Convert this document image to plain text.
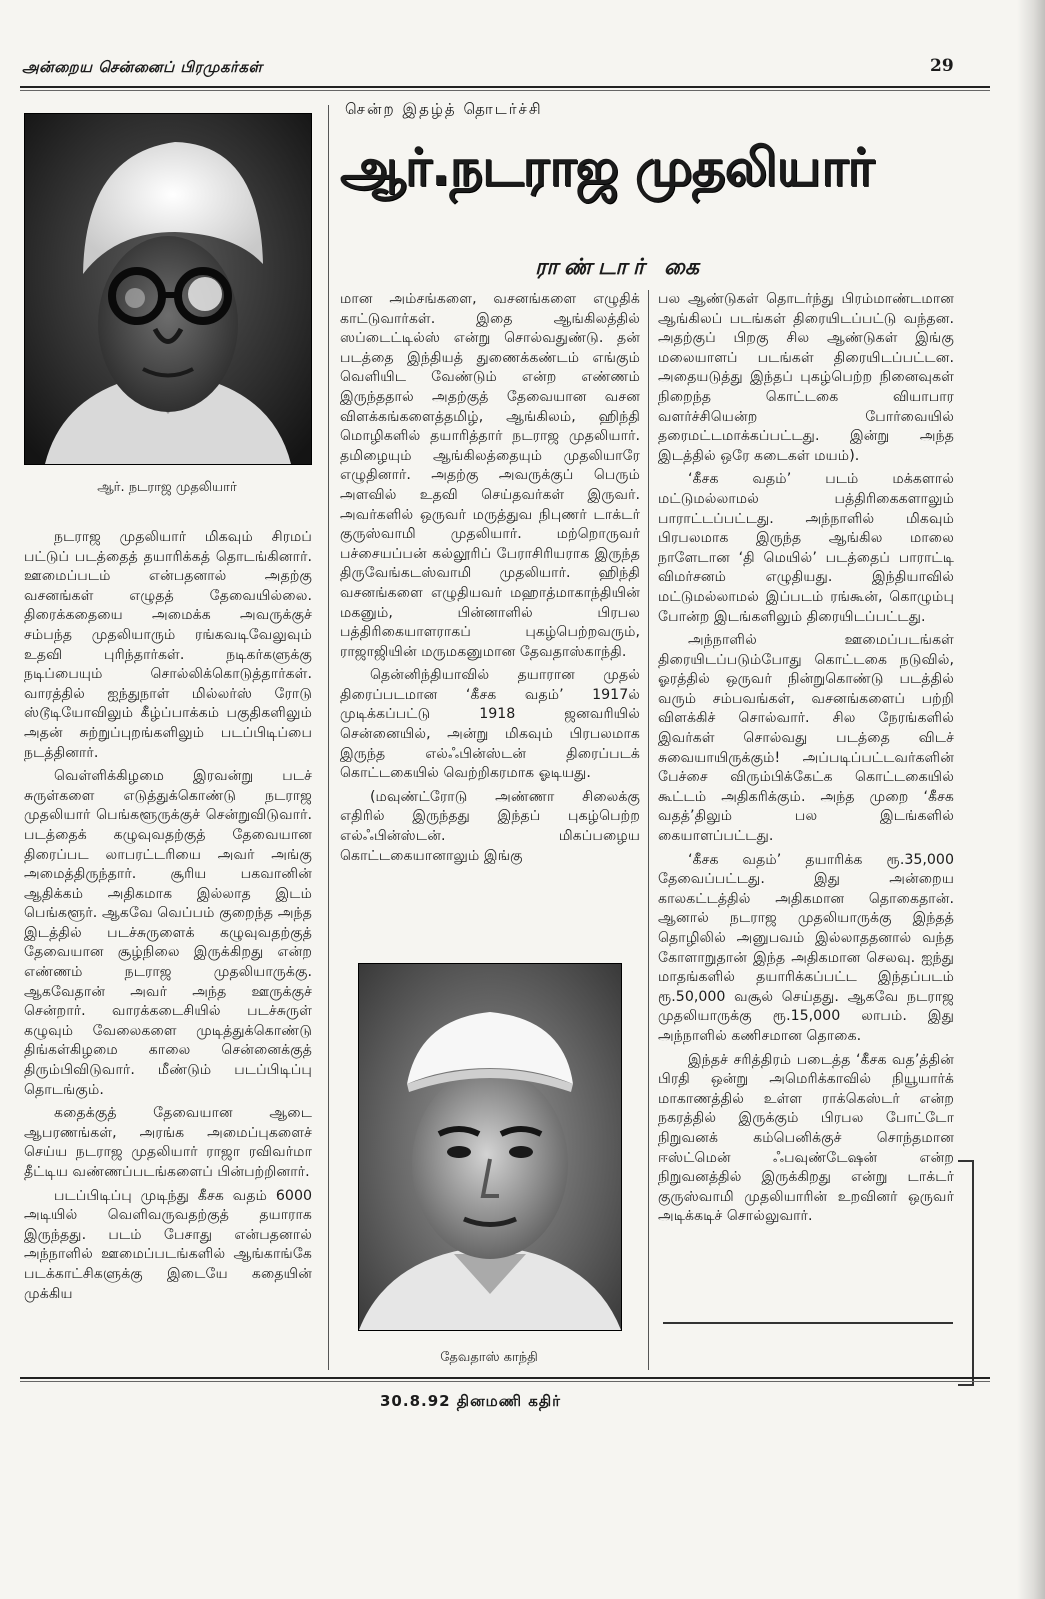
அன்றைய சென்னைப் பிரமுகர்கள்	29
ஆர். நடராஜ முதலியார்
சென்ற இதழ்த் தொடர்ச்சி
ஆர்.நடராஜ முதலியார்
ராண்டார் கை

நடராஜ முதலியார் மிகவும் சிரமப் பட்டுப் படத்தைத் தயாரிக்கத் தொடங்கினார். ஊமைப்படம் என்பதனால் அதற்கு வசனங்கள் எழுதத் தேவையில்லை. திரைக்கதையை அமைக்க அவருக்குச் சம்பந்த முதலியாரும் ரங்கவடிவேலுவும் உதவி புரிந்தார்கள். நடிகர்களுக்கு நடிப்பையும் சொல்லிக்கொடுத்தார்கள். வாரத்தில் ஐந்துநாள் மில்லர்ஸ் ரோடு ஸ்டூடியோவிலும் கீழ்ப்பாக்கம் பகுதிகளிலும் அதன் சுற்றுப்புறங்களிலும் படப்பிடிப்பை நடத்தினார்.

வெள்ளிக்கிழமை இரவன்று படச் சுருள்களை எடுத்துக்கொண்டு நடராஜ முதலியார் பெங்களூருக்குச் சென்றுவிடுவார். படத்தைக் கழுவுவதற்குத் தேவையான திரைப்பட லாபரட்டரியை அவர் அங்கு அமைத்திருந்தார். சூரிய பகவானின் ஆதிக்கம் அதிகமாக இல்லாத இடம் பெங்களூர். ஆகவே வெப்பம் குறைந்த அந்த இடத்தில் படச்சுருளைக் கழுவுவதற்குத் தேவையான சூழ்நிலை இருக்கிறது என்ற எண்ணம் நடராஜ முதலியாருக்கு. ஆகவேதான் அவர் அந்த ஊருக்குச் சென்றார். வாரக்கடைசியில் படச்சுருள் கழுவும் வேலைகளை முடித்துக்கொண்டு திங்கள்கிழமை காலை சென்னைக்குத் திரும்பிவிடுவார். மீண்டும் படப்பிடிப்பு தொடங்கும்.

கதைக்குத் தேவையான ஆடை ஆபரணங்கள், அரங்க அமைப்புகளைச் செய்ய நடராஜ முதலியார் ராஜா ரவிவர்மா தீட்டிய வண்ணப்படங்களைப் பின்பற்றினார்.

படப்பிடிப்பு முடிந்து கீசக வதம் 6000 அடியில் வெளிவருவதற்குத் தயாராக இருந்தது. படம் பேசாது என்பதனால் அந்நாளில் ஊமைப்படங்களில் ஆங்காங்கே படக்காட்சிகளுக்கு இடையே கதையின் முக்கிய

மான அம்சங்களை, வசனங்களை எழுதிக் காட்டுவார்கள். இதை ஆங்கிலத்தில் ஸப்டைட்டில்ஸ் என்று சொல்வதுண்டு. தன் படத்தை இந்தியத் துணைக்கண்டம் எங்கும் வெளியிட வேண்டும் என்ற எண்ணம் இருந்ததால் அதற்குத் தேவையான வசன விளக்கங்களைத்தமிழ், ஆங்கிலம், ஹிந்தி மொழிகளில் தயாரித்தார் நடராஜ முதலியார். தமிழையும் ஆங்கிலத்தையும் முதலியாரே எழுதினார். அதற்கு அவருக்குப் பெரும் அளவில் உதவி செய்தவர்கள் இருவர். அவர்களில் ஒருவர் மருத்துவ நிபுணர் டாக்டர் குருஸ்வாமி முதலியார். மற்றொருவர் பச்சையப்பன் கல்லூரிப் பேராசிரியராக இருந்த திருவேங்கடஸ்வாமி முதலியார். ஹிந்தி வசனங்களை எழுதியவர் மஹாத்மாகாந்தியின் மகனும், பின்னாளில் பிரபல பத்திரிகையாளராகப் புகழ்பெற்றவரும், ராஜாஜியின் மருமகனுமான தேவதாஸ்காந்தி.

தென்னிந்தியாவில் தயாரான முதல் திரைப்படமான ‘கீசக வதம்’ 1917ல் முடிக்கப்பட்டு 1918 ஜனவரியில் சென்னையில், அன்று மிகவும் பிரபலமாக இருந்த எல்ஃபின்ஸ்டன் திரைப்படக் கொட்டகையில் வெற்றிகரமாக ஓடியது.

(மவுண்ட்ரோடு அண்ணா சிலைக்கு எதிரில் இருந்தது இந்தப் புகழ்பெற்ற எல்ஃபின்ஸ்டன். மிகப்பழைய கொட்டகையானாலும் இங்கு

தேவதாஸ் காந்தி

பல ஆண்டுகள் தொடர்ந்து பிரம்மாண்டமான ஆங்கிலப் படங்கள் திரையிடப்பட்டு வந்தன. அதற்குப் பிறகு சில ஆண்டுகள் இங்கு மலையாளப் படங்கள் திரையிடப்பட்டன. அதையடுத்து இந்தப் புகழ்பெற்ற நினைவுகள் நிறைந்த கொட்டகை வியாபார வளர்ச்சியென்ற போர்வையில் தரைமட்டமாக்கப்பட்டது. இன்று அந்த இடத்தில் ஒரே கடைகள் மயம்).

‘கீசக வதம்’ படம் மக்களால் மட்டுமல்லாமல் பத்திரிகைகளாலும் பாராட்டப்பட்டது. அந்நாளில் மிகவும் பிரபலமாக இருந்த ஆங்கில மாலை நாளேடான ‘தி மெயில்’ படத்தைப் பாராட்டி விமர்சனம் எழுதியது. இந்தியாவில் மட்டுமல்லாமல் இப்படம் ரங்கூன், கொழும்பு போன்ற இடங்களிலும் திரையிடப்பட்டது.

அந்நாளில் ஊமைப்படங்கள் திரையிடப்படும்போது கொட்டகை நடுவில், ஓரத்தில் ஒருவர் நின்றுகொண்டு படத்தில் வரும் சம்பவங்கள், வசனங்களைப் பற்றி விளக்கிச் சொல்வார். சில நேரங்களில் இவர்கள் சொல்வது படத்தை விடச் சுவையாயிருக்கும்! அப்படிப்பட்டவர்களின் பேச்சை விரும்பிக்கேட்க கொட்டகையில் கூட்டம் அதிகரிக்கும். அந்த முறை ‘கீசக வதத்’திலும் பல இடங்களில் கையாளப்பட்டது.

‘கீசக வதம்’ தயாரிக்க ரூ.35,000 தேவைப்பட்டது. இது அன்றைய காலகட்டத்தில் அதிகமான தொகைதான். ஆனால் நடராஜ முதலியாருக்கு இந்தத் தொழிலில் அனுபவம் இல்லாததனால் வந்த கோளாறுதான் இந்த அதிகமான செலவு. ஐந்து மாதங்களில் தயாரிக்கப்பட்ட இந்தப்படம் ரூ.50,000 வசூல் செய்தது. ஆகவே நடராஜ முதலியாருக்கு ரூ.15,000 லாபம். இது அந்நாளில் கணிசமான தொகை.

இந்தச் சரித்திரம் படைத்த ‘கீசக வத’த்தின் பிரதி ஒன்று அமெரிக்காவில் நியூயார்க் மாகாணத்தில் உள்ள ராக்கெஸ்டர் என்ற நகரத்தில் இருக்கும் பிரபல போட்டோ நிறுவனக் கம்பெனிக்குச் சொந்தமான ஈஸ்ட்மென் ஃபவுண்டேஷன் என்ற நிறுவனத்தில் இருக்கிறது என்று டாக்டர் குருஸ்வாமி முதலியாரின் உறவினர் ஒருவர் அடிக்கடிச் சொல்லுவார்.

30.8.92 தினமணி கதிர்
